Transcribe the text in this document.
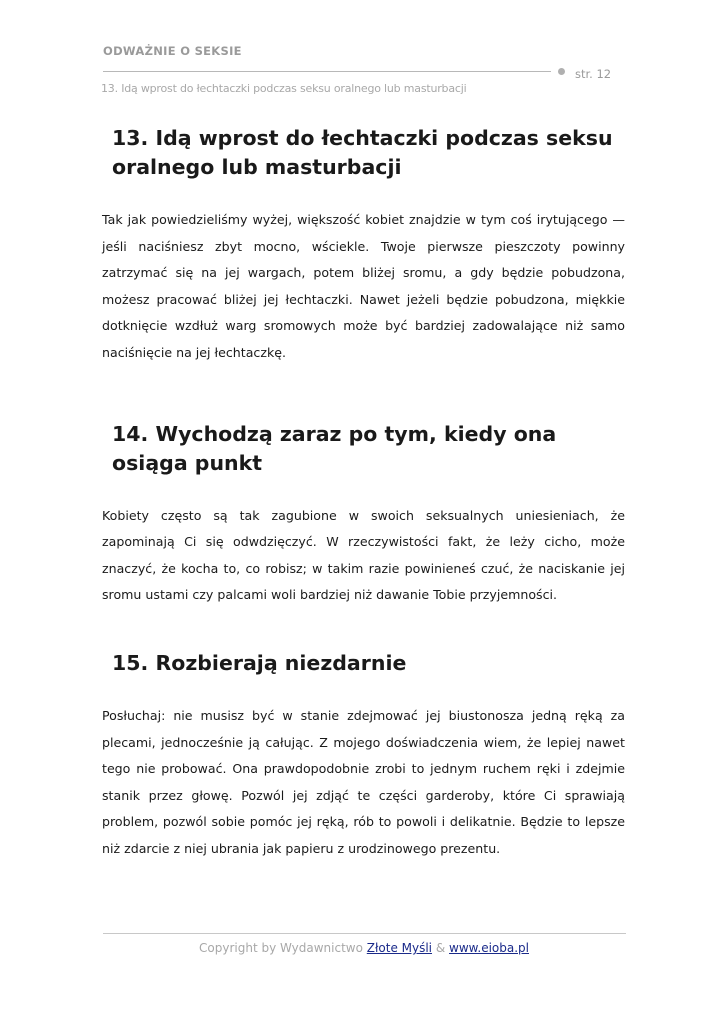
ODWAŻNIE O SEKSIE
str. 12
13. Idą wprost do łechtaczki podczas seksu oralnego lub masturbacji
13. Idą wprost do łechtaczki podczas seksu oralnego lub masturbacji

Tak jak powiedzieliśmy wyżej, większość kobiet znajdzie w tym coś irytującego — jeśli naciśniesz zbyt mocno, wściekle. Twoje pierwsze pieszczoty powinny zatrzymać się na jej wargach, potem bliżej sromu, a gdy będzie pobudzona, możesz pracować bliżej jej łechtaczki. Nawet jeżeli będzie pobudzona, miękkie dotknięcie wzdłuż warg sromowych może być bardziej zadowalające niż samo naciśnięcie na jej łechtaczkę.

14. Wychodzą zaraz po tym, kiedy ona osiąga punkt

Kobiety często są tak zagubione w swoich seksualnych uniesieniach, że zapominają Ci się odwdzięczyć. W rzeczywistości fakt, że leży cicho, może znaczyć, że kocha to, co robisz; w takim razie powinieneś czuć, że naciskanie jej sromu ustami czy palcami woli bardziej niż dawanie Tobie przyjemności.

15. Rozbierają niezdarnie

Posłuchaj: nie musisz być w stanie zdejmować jej biustonosza jedną ręką za plecami, jednocześnie ją całując. Z mojego doświadczenia wiem, że lepiej nawet tego nie probować. Ona prawdopodobnie zrobi to jednym ruchem ręki i zdejmie stanik przez głowę. Pozwól jej zdjąć te części garderoby, które Ci sprawiają problem, pozwól sobie pomóc jej ręką, rób to powoli i delikatnie. Będzie to lepsze niż zdarcie z niej ubrania jak papieru z urodzinowego prezentu.

Copyright by Wydawnictwo Złote Myśli & www.eioba.pl
